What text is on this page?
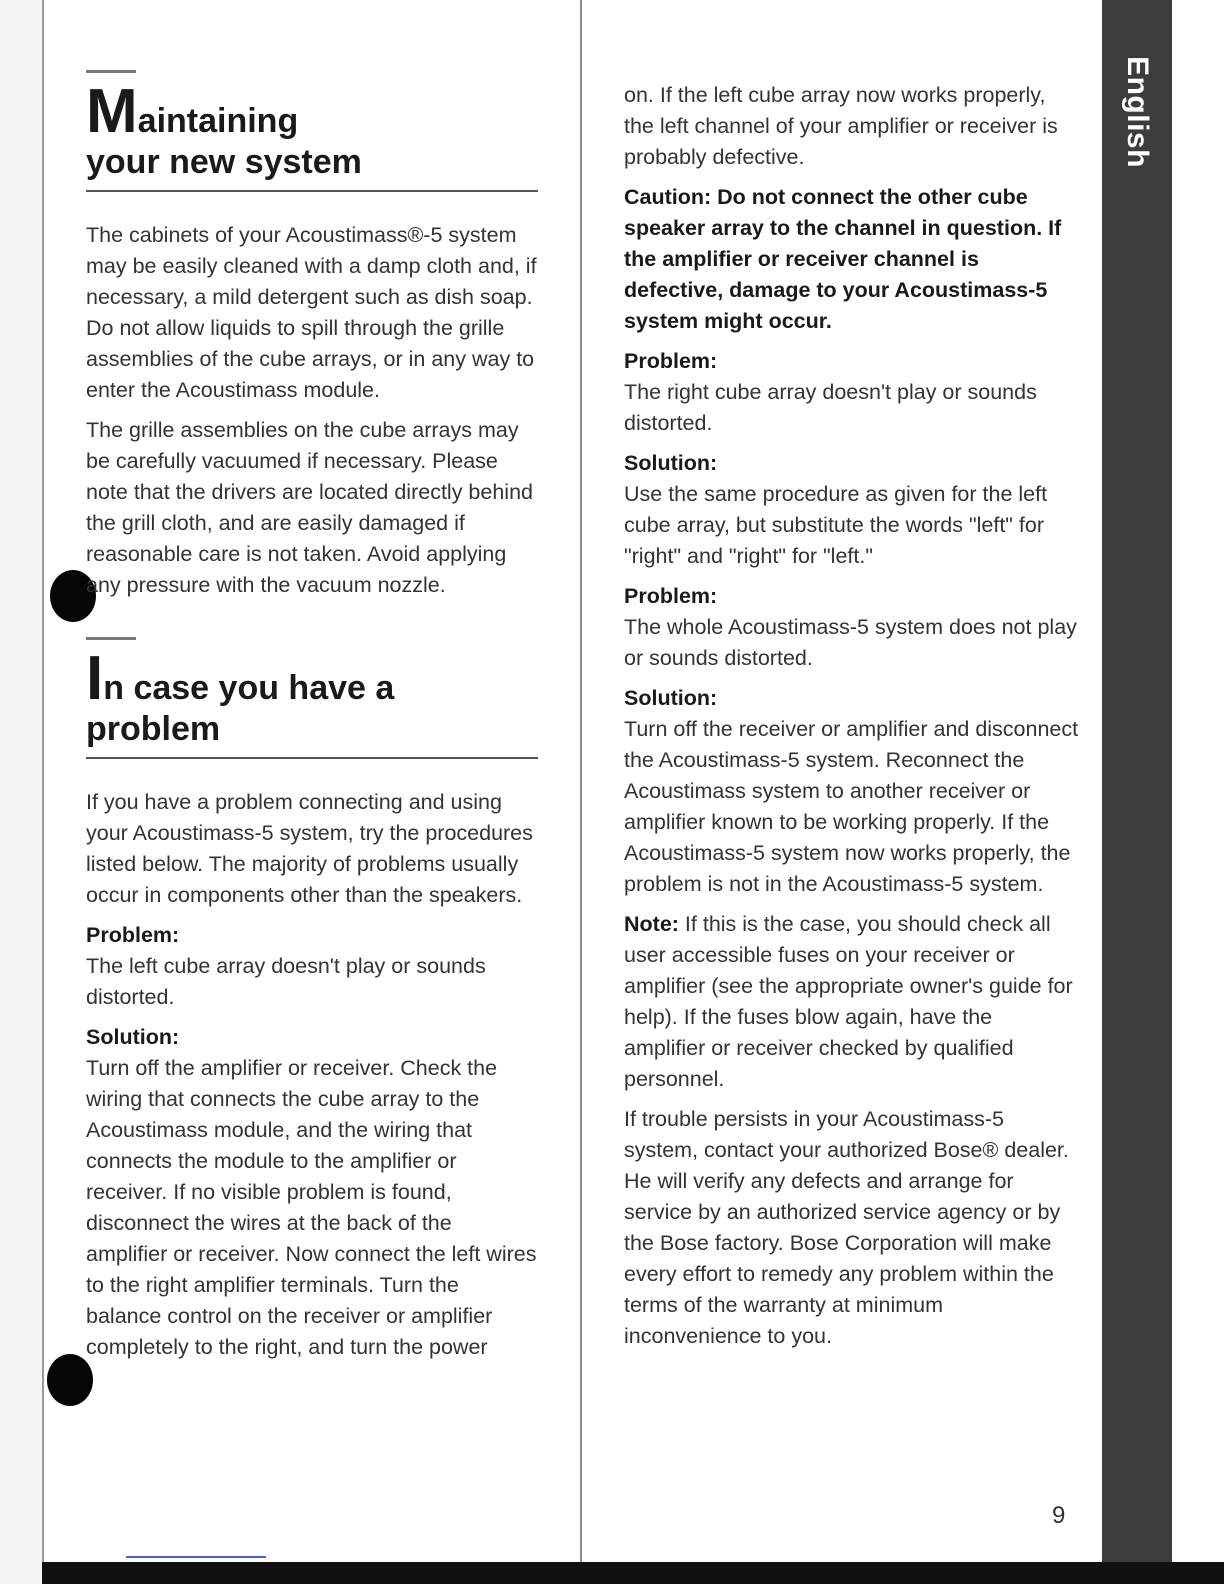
English
Maintaining
your new system

The cabinets of your Acoustimass®-5 system may be easily cleaned with a damp cloth and, if necessary, a mild detergent such as dish soap. Do not allow liquids to spill through the grille assemblies of the cube arrays, or in any way to enter the Acoustimass module.

The grille assemblies on the cube arrays may be carefully vacuumed if necessary. Please note that the drivers are located directly behind the grill cloth, and are easily damaged if reasonable care is not taken. Avoid applying any pressure with the vacuum nozzle.

In case you have a
problem

If you have a problem connecting and using your Acoustimass-5 system, try the procedures listed below. The majority of problems usually occur in components other than the speakers.

Problem:

The left cube array doesn't play or sounds distorted.

Solution:

Turn off the amplifier or receiver. Check the wiring that connects the cube array to the Acoustimass module, and the wiring that connects the module to the amplifier or receiver. If no visible problem is found, disconnect the wires at the back of the amplifier or receiver. Now connect the left wires to the right amplifier terminals. Turn the balance control on the receiver or amplifier completely to the right, and turn the power

on. If the left cube array now works properly, the left channel of your amplifier or receiver is probably defective.

Caution: Do not connect the other cube speaker array to the channel in question. If the amplifier or receiver channel is defective, damage to your Acoustimass-5 system might occur.

Problem:

The right cube array doesn't play or sounds distorted.

Solution:

Use the same procedure as given for the left cube array, but substitute the words "left" for "right" and "right" for "left."

Problem:

The whole Acoustimass-5 system does not play or sounds distorted.

Solution:

Turn off the receiver or amplifier and disconnect the Acoustimass-5 system. Reconnect the Acoustimass system to another receiver or amplifier known to be working properly. If the Acoustimass-5 system now works properly, the problem is not in the Acoustimass-5 system.

Note: If this is the case, you should check all user accessible fuses on your receiver or amplifier (see the appropriate owner's guide for help). If the fuses blow again, have the amplifier or receiver checked by qualified personnel.

If trouble persists in your Acoustimass-5 system, contact your authorized Bose® dealer. He will verify any defects and arrange for service by an authorized service agency or by the Bose factory. Bose Corporation will make every effort to remedy any problem within the terms of the warranty at minimum inconvenience to you.

9
